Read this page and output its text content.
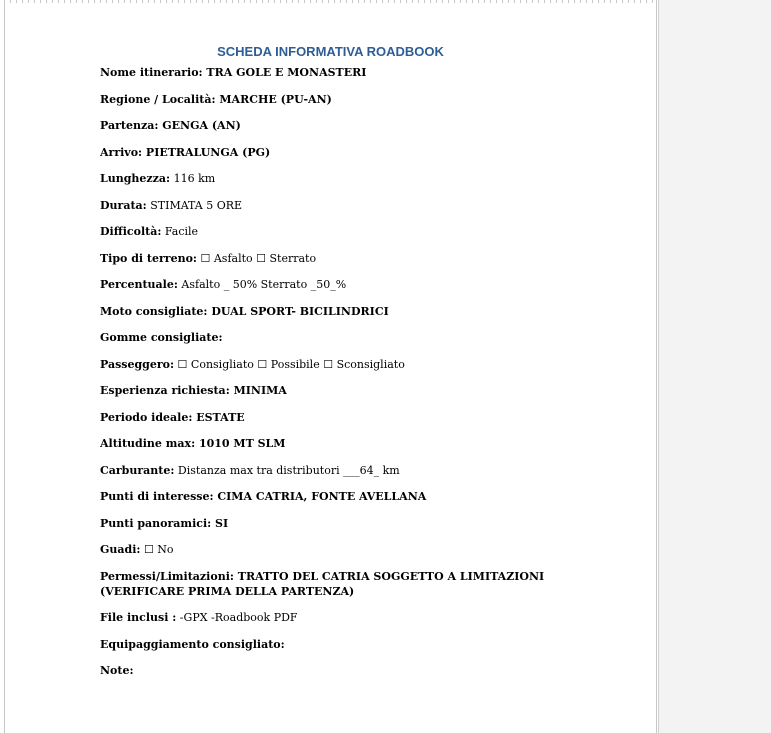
SCHEDA INFORMATIVA ROADBOOK
Nome itinerario: TRA GOLE E MONASTERI
Regione / Località: MARCHE (PU-AN)
Partenza: GENGA (AN)
Arrivo: PIETRALUNGA (PG)
Lunghezza: 116 km
Durata: STIMATA 5 ORE
Difficoltà: Facile
Tipo di terreno: ☐ Asfalto ☐ Sterrato
Percentuale: Asfalto _ 50% Sterrato _50_%
Moto consigliate: DUAL SPORT- BICILINDRICI
Gomme consigliate:
Passeggero: ☐ Consigliato ☐ Possibile ☐ Sconsigliato
Esperienza richiesta: MINIMA
Periodo ideale: ESTATE
Altitudine max: 1010 MT SLM
Carburante: Distanza max tra distributori ___64_ km
Punti di interesse: CIMA CATRIA, FONTE AVELLANA
Punti panoramici: SI
Guadi: ☐ No
Permessi/Limitazioni: TRATTO DEL CATRIA SOGGETTO A LIMITAZIONI (VERIFICARE PRIMA DELLA PARTENZA)
File inclusi : -GPX -Roadbook PDF
Equipaggiamento consigliato:
Note:
